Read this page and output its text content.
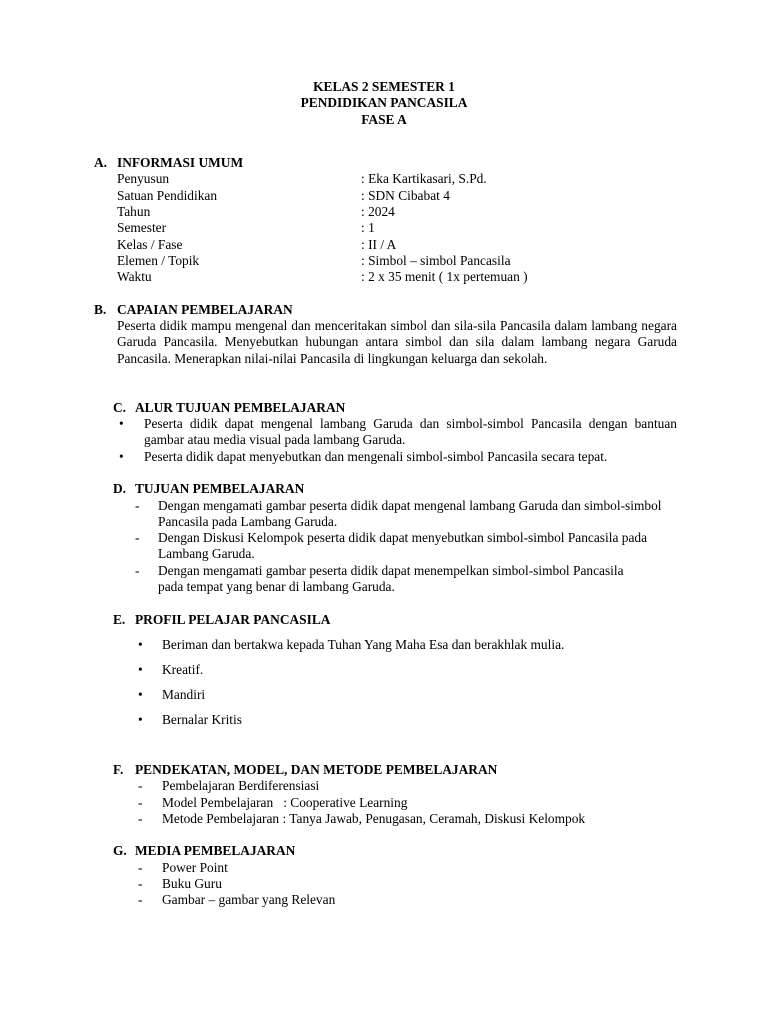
KELAS 2 SEMESTER 1
PENDIDIKAN PANCASILA
FASE A
A. INFORMASI UMUM
Penyusun	: Eka Kartikasari, S.Pd.
Satuan Pendidikan	: SDN Cibabat 4
Tahun	: 2024
Semester	: 1
Kelas / Fase	: II / A
Elemen / Topik	: Simbol – simbol Pancasila
Waktu	: 2 x 35 menit ( 1x pertemuan )
B. CAPAIAN PEMBELAJARAN
Peserta didik mampu mengenal dan menceritakan simbol dan sila-sila Pancasila dalam lambang negara Garuda Pancasila. Menyebutkan hubungan antara simbol dan sila dalam lambang negara Garuda Pancasila. Menerapkan nilai-nilai Pancasila di lingkungan keluarga dan sekolah.
C. ALUR TUJUAN PEMBELAJARAN
• Peserta didik dapat mengenal lambang Garuda dan simbol-simbol Pancasila dengan bantuan gambar atau media visual pada lambang Garuda.
• Peserta didik dapat menyebutkan dan mengenali simbol-simbol Pancasila secara tepat.
D. TUJUAN PEMBELAJARAN
- Dengan mengamati gambar peserta didik dapat mengenal lambang Garuda dan simbol-simbol Pancasila pada Lambang Garuda.
- Dengan Diskusi Kelompok peserta didik dapat menyebutkan simbol-simbol Pancasila pada Lambang Garuda.
- Dengan mengamati gambar peserta didik dapat menempelkan simbol-simbol Pancasila pada tempat yang benar di lambang Garuda.
E. PROFIL PELAJAR PANCASILA
• Beriman dan bertakwa kepada Tuhan Yang Maha Esa dan berakhlak mulia.
• Kreatif.
• Mandiri
• Bernalar Kritis
F. PENDEKATAN, MODEL, DAN METODE PEMBELAJARAN
- Pembelajaran Berdiferensiasi
- Model Pembelajaran   : Cooperative Learning
- Metode Pembelajaran : Tanya Jawab, Penugasan, Ceramah, Diskusi Kelompok
G. MEDIA PEMBELAJARAN
- Power Point
- Buku Guru
- Gambar – gambar yang Relevan
